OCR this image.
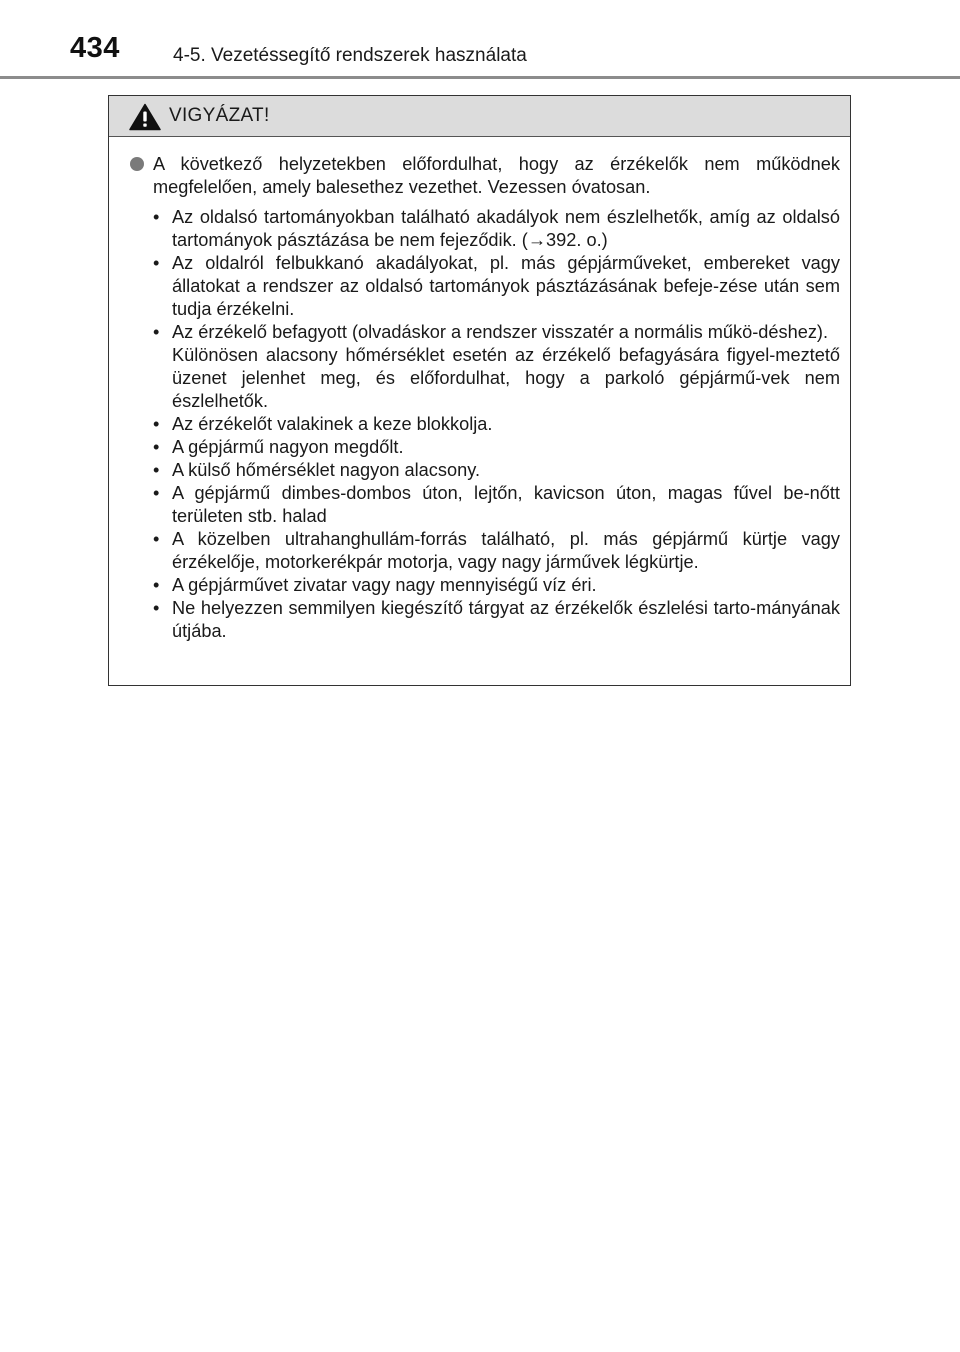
434	4-5. Vezetéssegítő rendszerek használata
VIGYÁZAT!
A következő helyzetekben előfordulhat, hogy az érzékelők nem működnek megfelelően, amely balesethez vezethet. Vezessen óvatosan.
• Az oldalsó tartományokban található akadályok nem észlelhetők, amíg az oldalsó tartományok pásztázása be nem fejeződik. (→392. o.)
• Az oldalról felbukkanó akadályokat, pl. más gépjárműveket, embereket vagy állatokat a rendszer az oldalsó tartományok pásztázásának befeje-zése után sem tudja érzékelni.
• Az érzékelő befagyott (olvadáskor a rendszer visszatér a normális műkö-déshez).
Különösen alacsony hőmérséklet esetén az érzékelő befagyására figyel-meztető üzenet jelenhet meg, és előfordulhat, hogy a parkoló gépjármű-vek nem észlelhetők.
• Az érzékelőt valakinek a keze blokkolja.
• A gépjármű nagyon megdőlt.
• A külső hőmérséklet nagyon alacsony.
• A gépjármű dimbes-dombos úton, lejtőn, kavicson úton, magas fűvel be-nőtt területen stb. halad
• A közelben ultrahanghullám-forrás található, pl. más gépjármű kürtje vagy érzékelője, motorkerékpár motorja, vagy nagy járművek légkürtje.
• A gépjárművet zivatar vagy nagy mennyiségű víz éri.
• Ne helyezzen semmilyen kiegészítő tárgyat az érzékelők észlelési tarto-mányának útjába.
